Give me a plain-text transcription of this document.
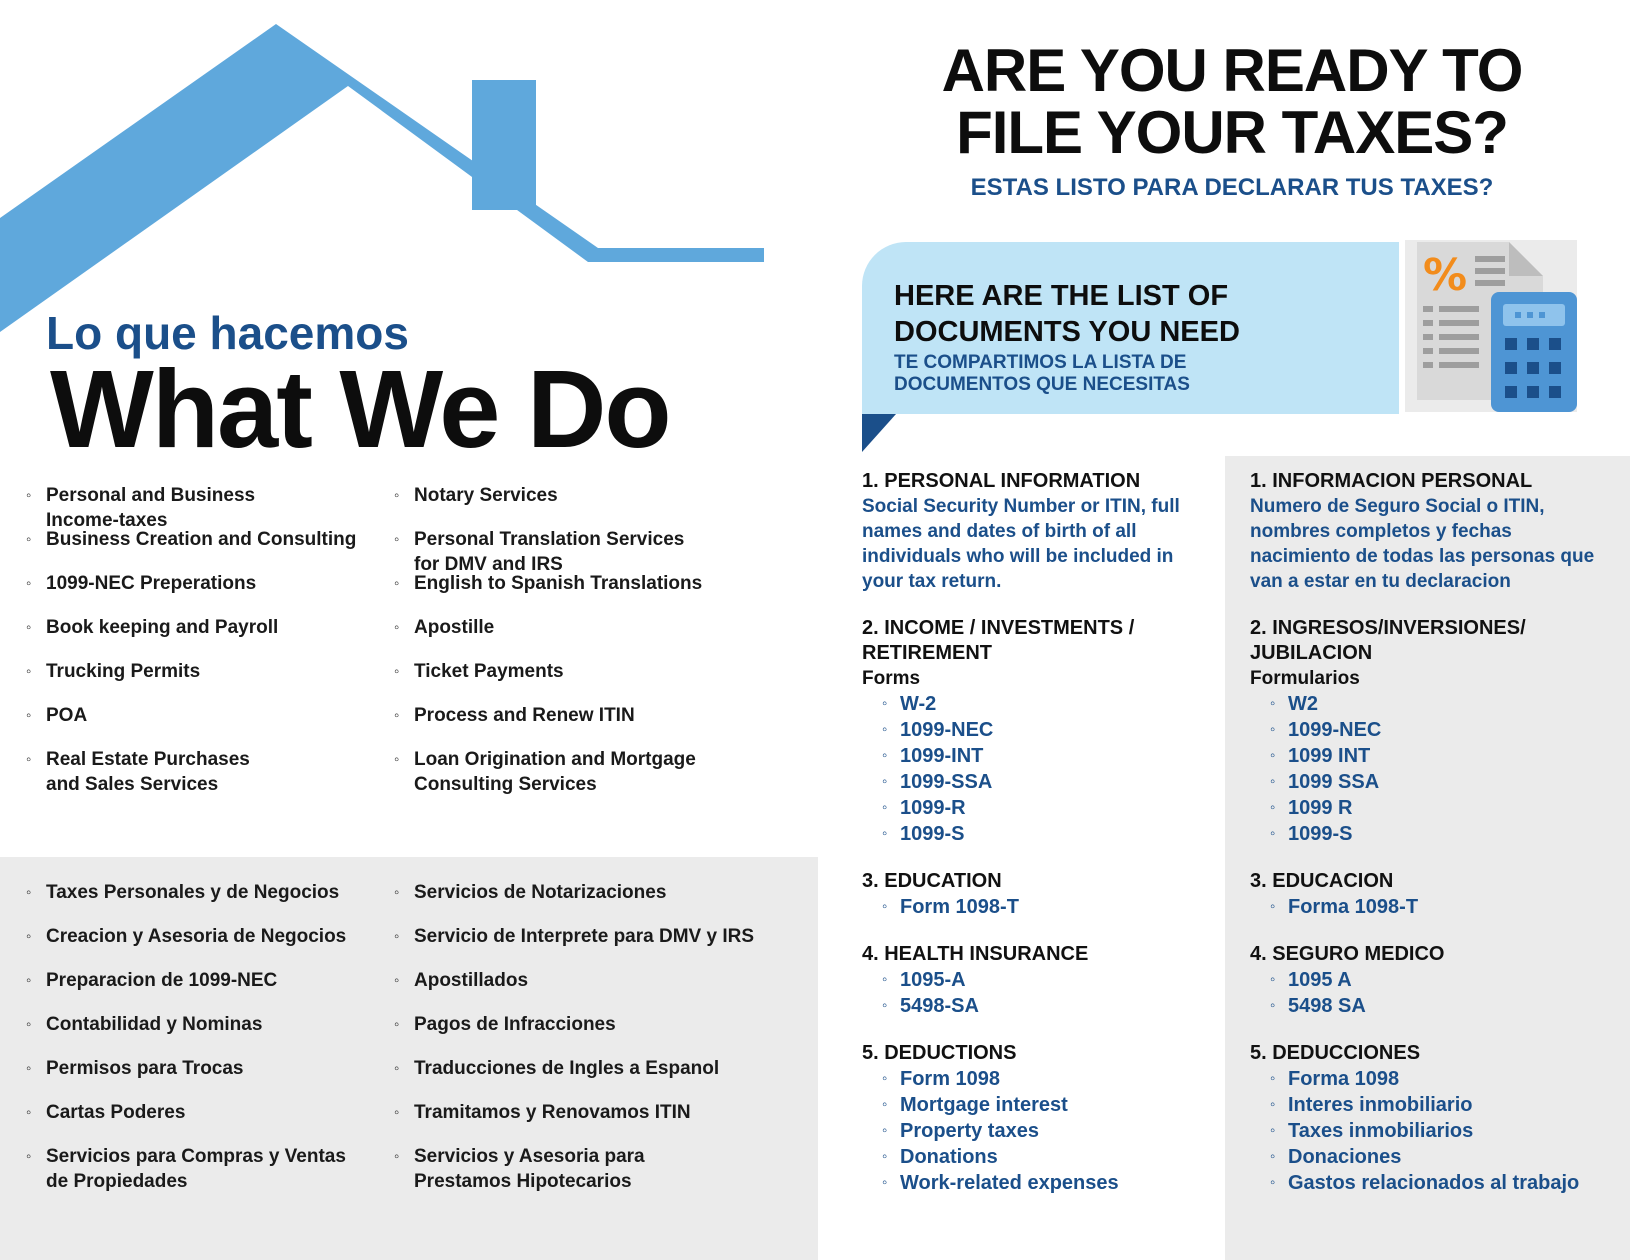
Lo que hacemos
What We Do
◦ Personal and Business
Income-taxes
◦ Business Creation and Consulting
◦ 1099-NEC Preperations
◦ Book keeping and Payroll
◦ Trucking Permits
◦ POA
◦ Real Estate Purchases
and Sales Services
◦ Notary Services
◦ Personal Translation Services
for DMV and IRS
◦ English to Spanish Translations
◦ Apostille
◦ Ticket Payments
◦ Process and Renew ITIN
◦ Loan Origination and Mortgage
Consulting Services
◦ Taxes Personales y de Negocios
◦ Creacion y Asesoria de Negocios
◦ Preparacion de 1099-NEC
◦ Contabilidad y Nominas
◦ Permisos para Trocas
◦ Cartas Poderes
◦ Servicios para Compras y Ventas
de Propiedades
◦ Servicios de Notarizaciones
◦ Servicio de Interprete para DMV y IRS
◦ Apostillados
◦ Pagos de Infracciones
◦ Traducciones de Ingles a Espanol
◦ Tramitamos y Renovamos ITIN
◦ Servicios y Asesoria para
Prestamos Hipotecarios
ARE YOU READY TO
FILE YOUR TAXES?
ESTAS LISTO PARA DECLARAR TUS TAXES?
HERE ARE THE LIST OF
DOCUMENTS YOU NEED
TE COMPARTIMOS LA LISTA DE
DOCUMENTOS QUE NECESITAS
%

1. PERSONAL INFORMATION

Social Security Number or ITIN, full names and dates of birth of all individuals who will be included in your tax return.

2. INCOME / INVESTMENTS / RETIREMENT

Forms

◦ W-2
◦ 1099-NEC
◦ 1099-INT
◦ 1099-SSA
◦ 1099-R
◦ 1099-S

3. EDUCATION

◦ Form 1098-T

4. HEALTH INSURANCE

◦ 1095-A
◦ 5498-SA

5. DEDUCTIONS

◦ Form 1098
◦ Mortgage interest
◦ Property taxes
◦ Donations
◦ Work-related expenses

1. INFORMACION PERSONAL

Numero de Seguro Social o ITIN, nombres completos y fechas nacimiento de todas las personas que van a estar en tu declaracion

2. INGRESOS/INVERSIONES/ JUBILACION

Formularios

◦ W2
◦ 1099-NEC
◦ 1099 INT
◦ 1099 SSA
◦ 1099 R
◦ 1099-S

3. EDUCACION

◦ Forma 1098-T

4. SEGURO MEDICO

◦ 1095 A
◦ 5498 SA

5. DEDUCCIONES

◦ Forma 1098
◦ Interes inmobiliario
◦ Taxes inmobiliarios
◦ Donaciones
◦ Gastos relacionados al trabajo
